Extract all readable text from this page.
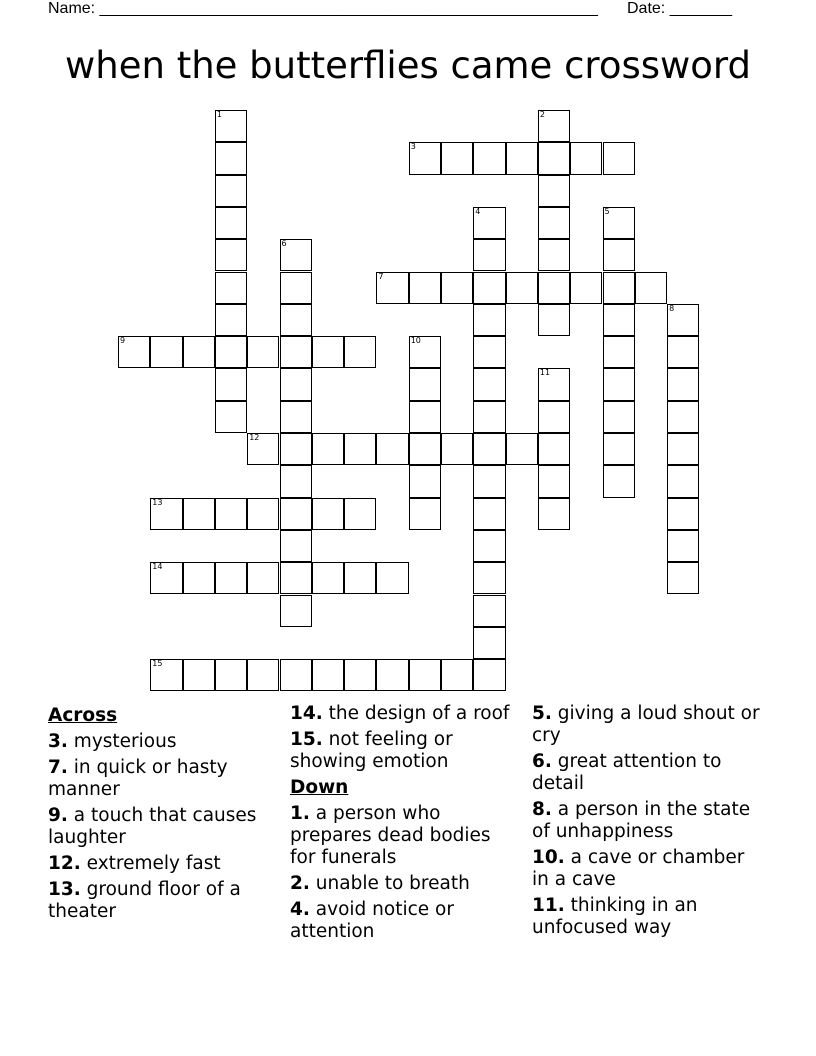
Name: ________________________________________________________ Date: _______
when the butterflies came crossword
1	2
3
4	5
6
7
8
9	10
11
12
13
14
15
Across
3. mysterious
7. in quick or hasty manner
9. a touch that causes laughter
12. extremely fast
13. ground floor of a theater
14. the design of a roof
15. not feeling or showing emotion
Down
1. a person who prepares dead bodies for funerals
2. unable to breath
4. avoid notice or attention
5. giving a loud shout or cry
6. great attention to detail
8. a person in the state of unhappiness
10. a cave or chamber in a cave
11. thinking in an unfocused way
